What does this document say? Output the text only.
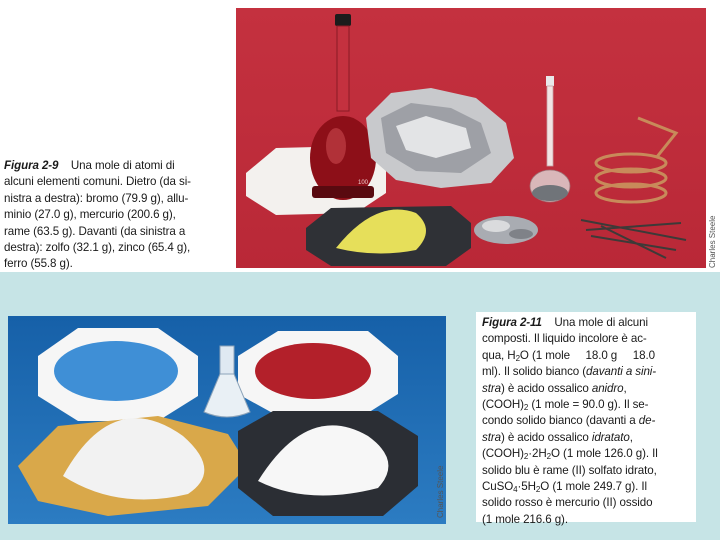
100
Charles Steele
Figura 2-9 Una mole di atomi di
alcuni elementi comuni. Dietro (da si-
nistra a destra): bromo (79.9 g), allu-
minio (27.0 g), mercurio (200.6 g),
rame (63.5 g). Davanti (da sinistra a
destra): zolfo (32.1 g), zinco (65.4 g),
ferro (55.8 g).
Charles Steele
Figura 2-11 Una mole di alcuni
composti. Il liquido incolore è ac-
qua, $H_2O$ (1 mole     18.0 g     18.0
ml). Il solido bianco (davanti a sini-
stra) è acido ossalico anidro,
$(COOH)_2$ (1 mole = 90.0 g). Il se-
condo solido bianco (davanti a de-
stra) è acido ossalico idratato,
$(COOH)_2\cdot 2H_2O$ (1 mole 126.0 g). Il
solido blu è rame (II) solfato idrato,
$CuSO_4\cdot 5H_2O$ (1 mole 249.7 g). Il
solido rosso è mercurio (II) ossido
(1 mole 216.6 g).
